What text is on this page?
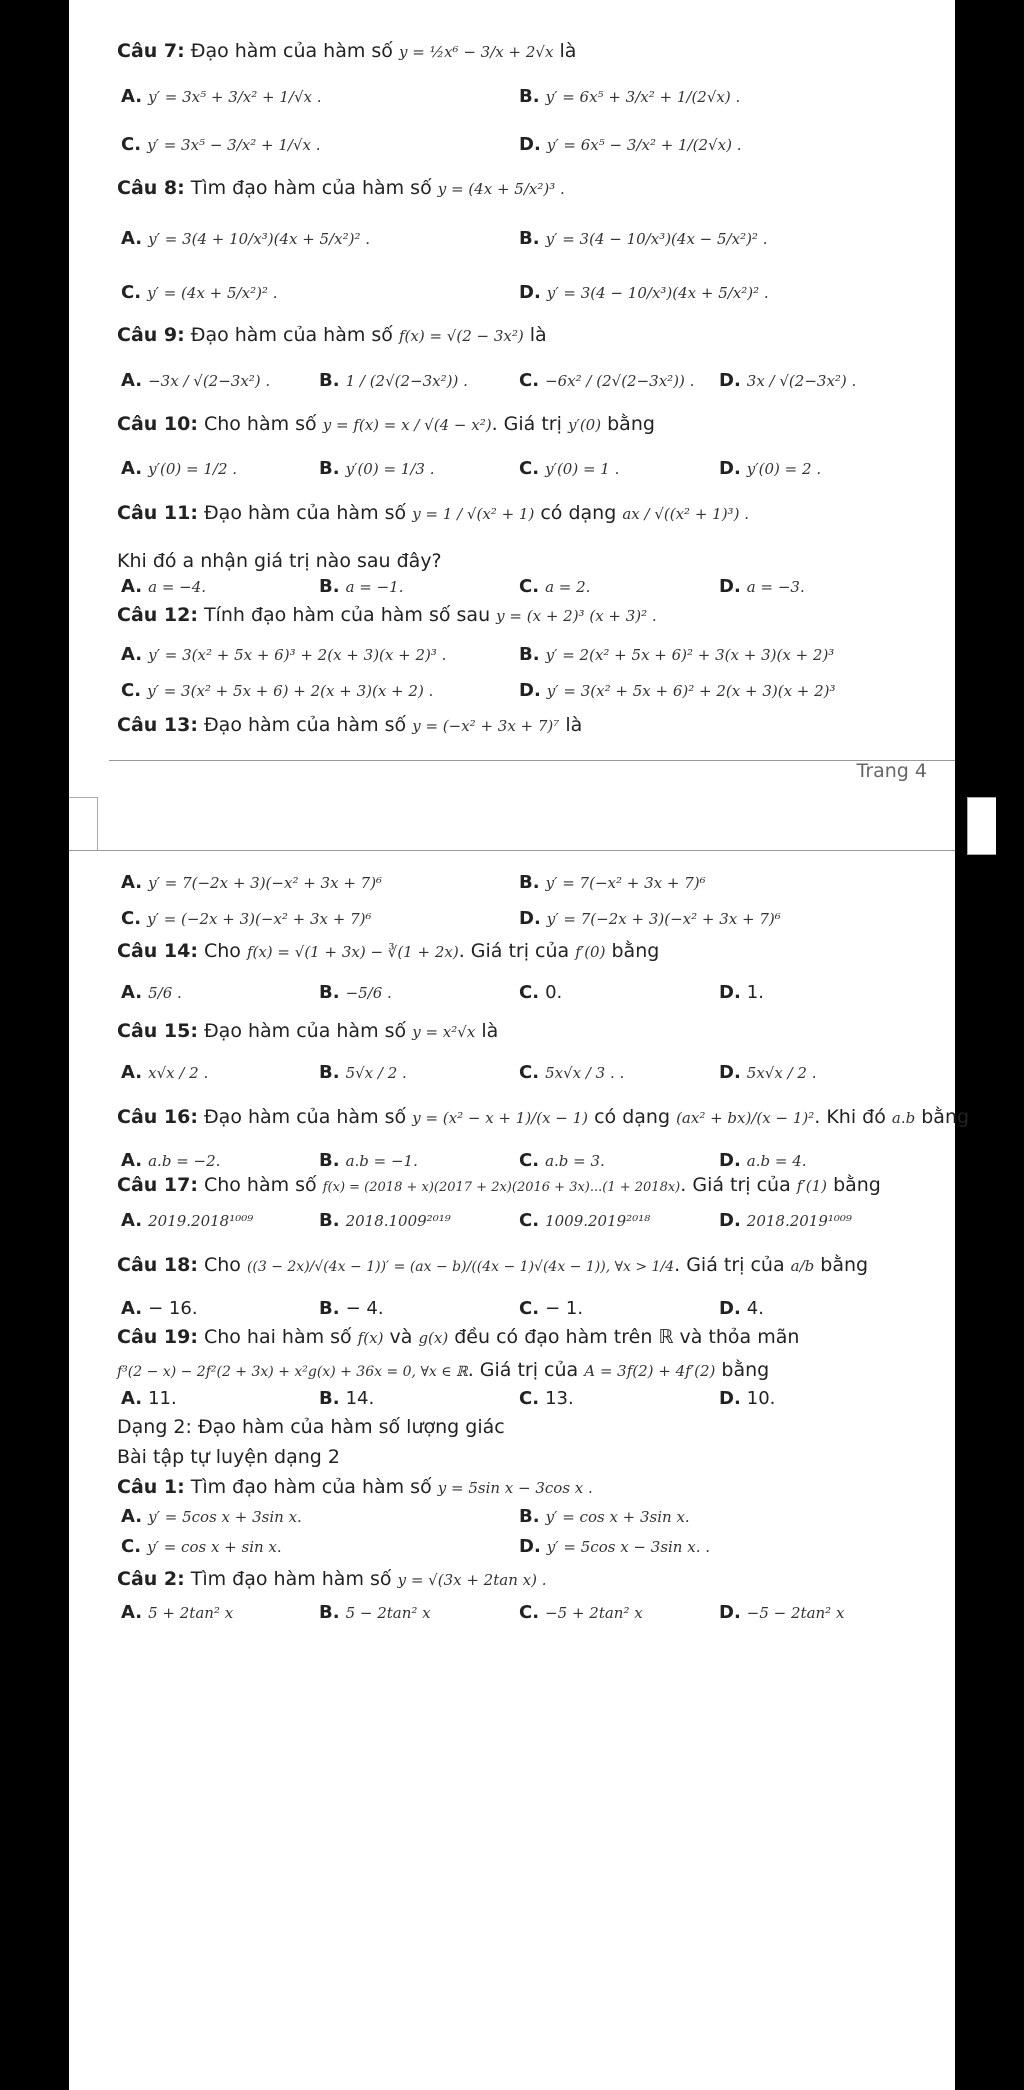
Câu 7: Đạo hàm của hàm số y = ½x⁶ − 3/x + 2√x là
A. y′ = 3x⁵ + 3/x² + 1/√x .	B. y′ = 6x⁵ + 3/x² + 1/(2√x) .
C. y′ = 3x⁵ − 3/x² + 1/√x .	D. y′ = 6x⁵ − 3/x² + 1/(2√x) .
Câu 8: Tìm đạo hàm của hàm số y = (4x + 5/x²)³ .
A. y′ = 3(4 + 10/x³)(4x + 5/x²)² .	B. y′ = 3(4 − 10/x³)(4x − 5/x²)² .
C. y′ = (4x + 5/x²)² .	D. y′ = 3(4 − 10/x³)(4x + 5/x²)² .
Câu 9: Đạo hàm của hàm số f(x) = √(2 − 3x²) là
A. −3x / √(2−3x²) .	B. 1 / (2√(2−3x²)) .	C. −6x² / (2√(2−3x²)) . D. 3x / √(2−3x²) .
Câu 10: Cho hàm số y = f(x) = x / √(4 − x²). Giá trị y′(0) bằng
A. y′(0) = 1/2 .	B. y′(0) = 1/3 .	C. y′(0) = 1 .	D. y′(0) = 2 .
Câu 11: Đạo hàm của hàm số y = 1 / √(x² + 1) có dạng ax / √((x² + 1)³) .
Khi đó a nhận giá trị nào sau đây?
A. a = −4.	B. a = −1.	C. a = 2.	D. a = −3.
Câu 12: Tính đạo hàm của hàm số sau y = (x + 2)³ (x + 3)² .
A. y′ = 3(x² + 5x + 6)³ + 2(x + 3)(x + 2)³ .	B. y′ = 2(x² + 5x + 6)² + 3(x + 3)(x + 2)³
C. y′ = 3(x² + 5x + 6) + 2(x + 3)(x + 2) .	D. y′ = 3(x² + 5x + 6)² + 2(x + 3)(x + 2)³
Câu 13: Đạo hàm của hàm số y = (−x² + 3x + 7)⁷ là
Trang 4
A. y′ = 7(−2x + 3)(−x² + 3x + 7)⁶	B. y′ = 7(−x² + 3x + 7)⁶
C. y′ = (−2x + 3)(−x² + 3x + 7)⁶	D. y′ = 7(−2x + 3)(−x² + 3x + 7)⁶
Câu 14: Cho f(x) = √(1 + 3x) − ∛(1 + 2x). Giá trị của f′(0) bằng
A. 5/6 .	B. −5/6 .	C. 0.	D. 1.
Câu 15: Đạo hàm của hàm số y = x²√x là
A. x√x / 2 .	B. 5√x / 2 .	C. 5x√x / 3 . .	D. 5x√x / 2 .
Câu 16: Đạo hàm của hàm số y = (x² − x + 1)/(x − 1) có dạng (ax² + bx)/(x − 1)². Khi đó a.b bằng
A. a.b = −2.	B. a.b = −1.	C. a.b = 3.	D. a.b = 4.
Câu 17: Cho hàm số f(x) = (2018 + x)(2017 + 2x)(2016 + 3x)...(1 + 2018x). Giá trị của f′(1) bằng
A. 2019.2018¹⁰⁰⁹	B. 2018.1009²⁰¹⁹	C. 1009.2019²⁰¹⁸	D. 2018.2019¹⁰⁰⁹
Câu 18: Cho ((3 − 2x)/√(4x − 1))′ = (ax − b)/((4x − 1)√(4x − 1)), ∀x > 1/4. Giá trị của a/b bằng
A. − 16.	B. − 4.	C. − 1.	D. 4.
Câu 19: Cho hai hàm số f(x) và g(x) đều có đạo hàm trên ℝ và thỏa mãn
f³(2 − x) − 2f²(2 + 3x) + x²g(x) + 36x = 0, ∀x ∈ ℝ. Giá trị của A = 3f(2) + 4f′(2) bằng
A. 11.	B. 14.	C. 13.	D. 10.
Dạng 2: Đạo hàm của hàm số lượng giác
Bài tập tự luyện dạng 2
Câu 1: Tìm đạo hàm của hàm số y = 5sin x − 3cos x .
A. y′ = 5cos x + 3sin x.	B. y′ = cos x + 3sin x.
C. y′ = cos x + sin x.	D. y′ = 5cos x − 3sin x. .
Câu 2: Tìm đạo hàm hàm số y = √(3x + 2tan x) .
A. 5 + 2tan² x	B. 5 − 2tan² x	C. −5 + 2tan² x	D. −5 − 2tan² x
